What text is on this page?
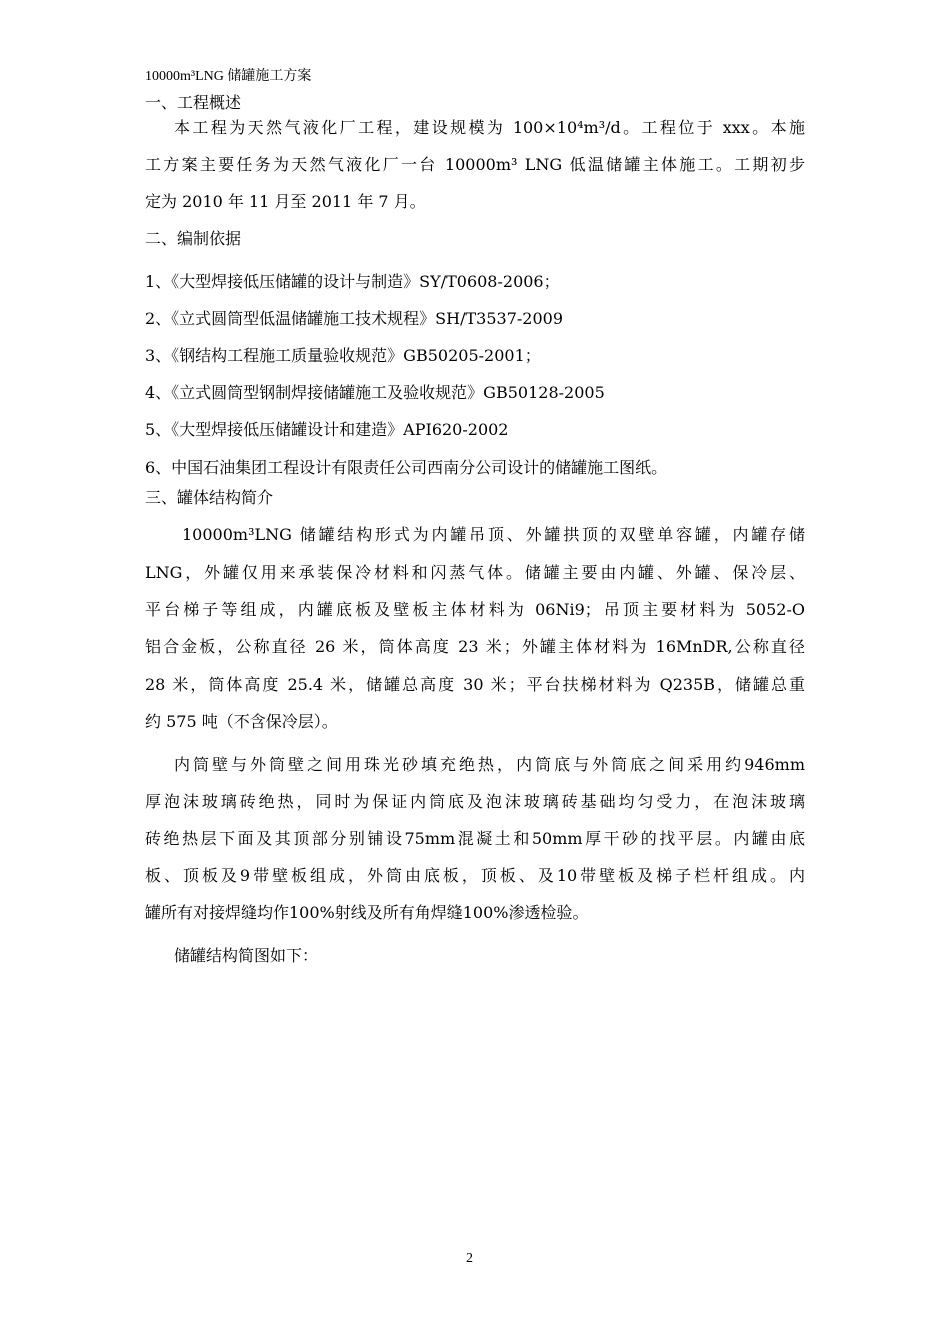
10000m³LNG 储罐施工方案
一、工程概述
本工程为天然气液化厂工程，建设规模为 100×10⁴m³/d。工程位于 xxx。本施
工方案主要任务为天然气液化厂一台 10000m³ LNG 低温储罐主体施工。工期初步
定为 2010 年 11 月至 2011 年 7 月。
二、编制依据
1、《大型焊接低压储罐的设计与制造》SY/T0608-2006；
2、《立式圆筒型低温储罐施工技术规程》SH/T3537-2009
3、《钢结构工程施工质量验收规范》GB50205-2001；
4、《立式圆筒型钢制焊接储罐施工及验收规范》GB50128-2005
5、《大型焊接低压储罐设计和建造》API620-2002
6、中国石油集团工程设计有限责任公司西南分公司设计的储罐施工图纸。
三、罐体结构简介
10000m³LNG 储罐结构形式为内罐吊顶、外罐拱顶的双壁单容罐，内罐存储
LNG，外罐仅用来承装保冷材料和闪蒸气体。储罐主要由内罐、外罐、保冷层、
平台梯子等组成，内罐底板及壁板主体材料为 06Ni9；吊顶主要材料为 5052-O
铝合金板，公称直径 26 米，筒体高度 23 米；外罐主体材料为 16MnDR,公称直径
28 米，筒体高度 25.4 米，储罐总高度 30 米；平台扶梯材料为 Q235B，储罐总重
约 575 吨（不含保冷层）。
内筒壁与外筒壁之间用珠光砂填充绝热，内筒底与外筒底之间采用约946mm
厚泡沫玻璃砖绝热，同时为保证内筒底及泡沫玻璃砖基础均匀受力，在泡沫玻璃
砖绝热层下面及其顶部分别铺设75mm混凝土和50mm厚干砂的找平层。内罐由底
板、顶板及9带壁板组成，外筒由底板，顶板、及10带壁板及梯子栏杆组成。内
罐所有对接焊缝均作100%射线及所有角焊缝100%渗透检验。
储罐结构简图如下：
2
